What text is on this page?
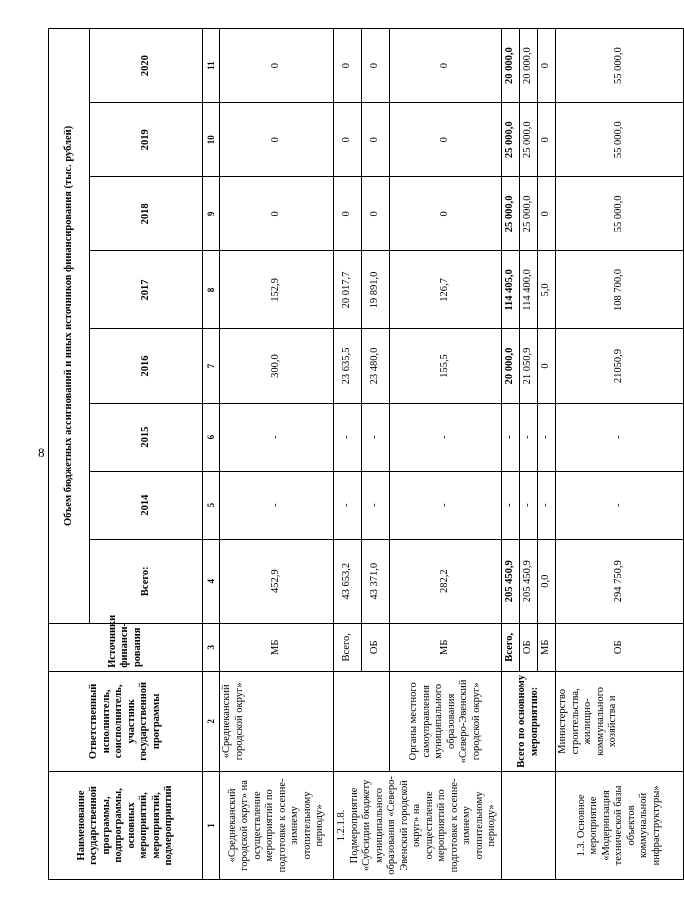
8
Наименование государственной программы, подпрограммы, основных мероприятий, мероприятий, подмероприятий	Ответственный исполнитель, соисполнитель, участник государственной программы	Источники финанси-рования	Объем бюджетных ассигнований и иных источников финансирования (тыс. рублей)							
			Всего:	2014	2015	2016	2017	2018	2019	2020
1	2	3	4	5	6	7	8	9	10	11
«Среднеканский городской округ» на осуществление мероприятий по подготовке к осенне-зимнему отопительному периоду»	«Среднеканский городской округ»	МБ	452,9	-	-	300,0	152,9	0	0	0
1.2.1.8. Подмероприятие «Субсидии бюджету муниципального образования «Северо-Эвенский городской округ» на осуществление мероприятий по подготовке к осенне-зимнему отопительному периоду»		Всего,	43 653,2	-	-	23 635,5	20 017,7	0	0	0
		ОБ	43 371,0	-	-	23 480,0	19 891,0	0	0	0
	Органы местного самоуправления муниципального образования «Северо-Эвенский городской округ»	МБ	282,2	-	-	155,5	126,7	0	0	0
	Всего по основному мероприятию:	Всего,	205 450,9	-	-	20 000,0	114 405,0	25 000,0	25 000,0	20 000,0
		ОБ	205 450,9	-	-	21 050,9	114 400,0	25 000,0	25 000,0	20 000,0
		МБ	0,0	-	-	0	5,0	0	0	0
1.3. Основное мероприятие «Модернизация технической базы объектов коммунальной инфраструктуры»	Министерство строительства, жилищно-коммунального хозяйства и	ОБ	294 750,9	-	-	21050,9	108 700,0	55 000,0	55 000,0	55 000,0
